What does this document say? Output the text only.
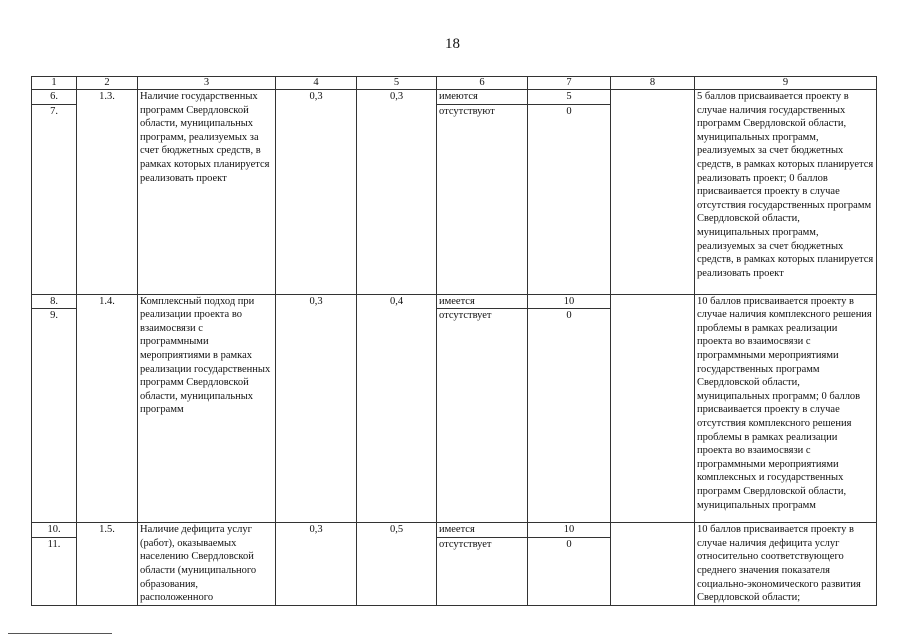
18
1	2	3	4	5	6	7	8	9
6.	1.3.	Наличие государственных программ Свердловской области, муниципальных программ, реализуемых за счет бюджетных средств, в рамках которых планируется реализовать проект	0,3	0,3	имеются	5		5 баллов присваивается проекту в случае наличия государственных программ Свердловской области, муниципальных программ, реализуемых за счет бюджетных средств, в рамках которых планируется реализовать проект; 0 баллов присваивается проекту в случае отсутствия государственных программ Свердловской области, муниципальных программ, реализуемых за счет бюджетных средств, в рамках которых планируется реализовать проект
7.					отсутствуют	0		
8.	1.4.	Комплексный подход при реализации проекта во взаимосвязи с программными мероприятиями в рамках реализации государственных программ Свердловской области, муниципальных программ	0,3	0,4	имеется	10		10 баллов присваивается проекту в случае наличия комплексного решения проблемы в рамках реализации проекта во взаимосвязи с программными мероприятиями государственных программ Свердловской области, муниципальных программ; 0 баллов присваивается проекту в случае отсутствия комплексного решения проблемы в рамках реализации проекта во взаимосвязи с программными мероприятиями комплексных и государственных программ Свердловской области, муниципальных программ
9.					отсутствует	0		
10.	1.5.	Наличие дефицита услуг (работ), оказываемых населению Свердловской области (муниципального образования, расположенного	0,3	0,5	имеется	10		10 баллов присваивается проекту в случае наличия дефицита услуг относительно соответствующего среднего значения показателя социально-экономического развития Свердловской области;
11.					отсутствует	0		
